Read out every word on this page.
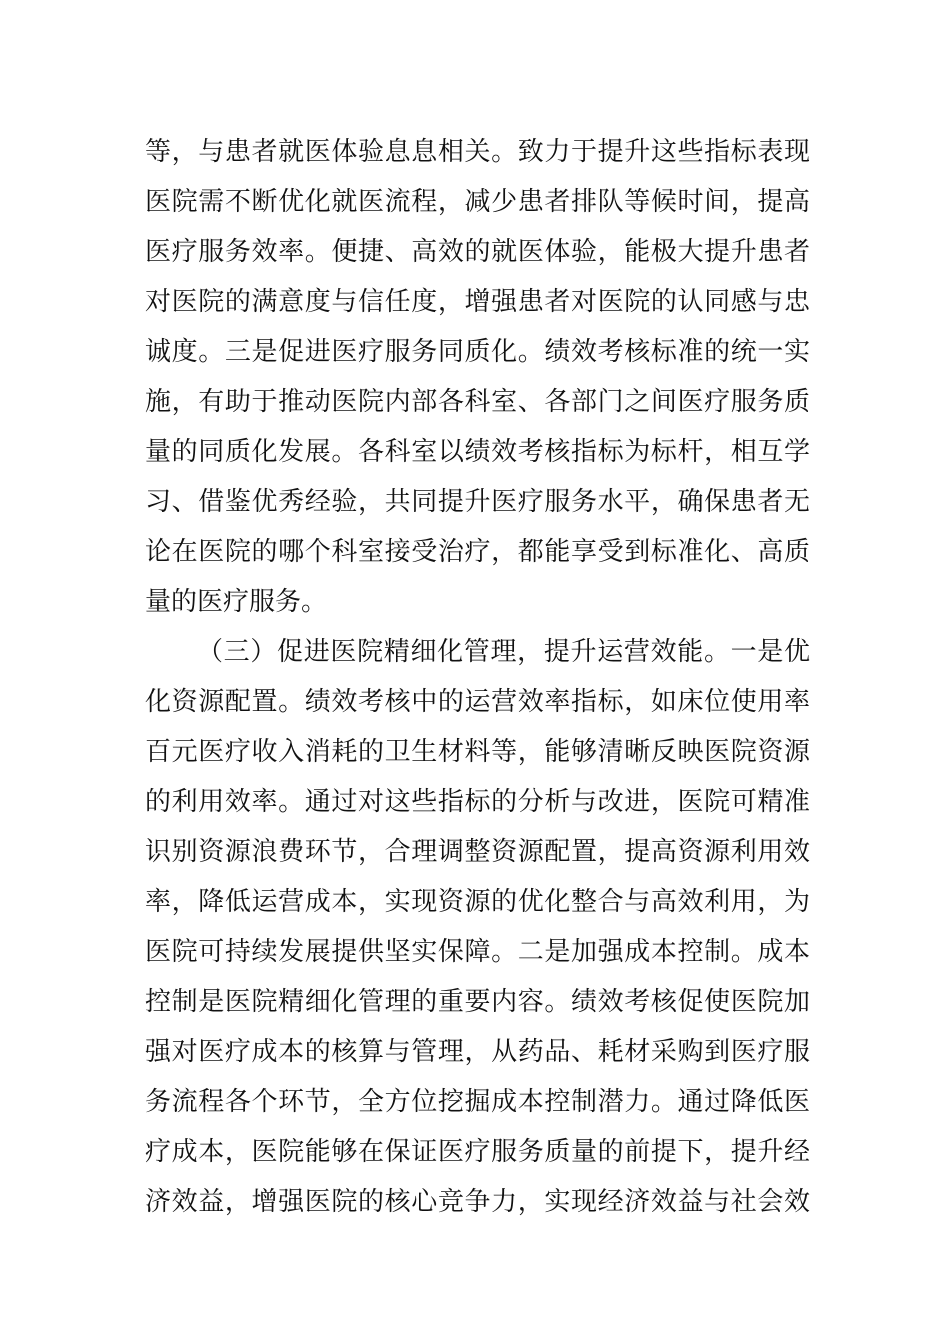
等，与患者就医体验息息相关。致力于提升这些指标表现
医院需不断优化就医流程，减少患者排队等候时间，提高
医疗服务效率。便捷、高效的就医体验，能极大提升患者
对医院的满意度与信任度，增强患者对医院的认同感与忠
诚度。三是促进医疗服务同质化。绩效考核标准的统一实
施，有助于推动医院内部各科室、各部门之间医疗服务质
量的同质化发展。各科室以绩效考核指标为标杆，相互学
习、借鉴优秀经验，共同提升医疗服务水平，确保患者无
论在医院的哪个科室接受治疗，都能享受到标准化、高质
量的医疗服务。
（三）促进医院精细化管理，提升运营效能。一是优
化资源配置。绩效考核中的运营效率指标，如床位使用率
百元医疗收入消耗的卫生材料等，能够清晰反映医院资源
的利用效率。通过对这些指标的分析与改进，医院可精准
识别资源浪费环节，合理调整资源配置，提高资源利用效
率，降低运营成本，实现资源的优化整合与高效利用，为
医院可持续发展提供坚实保障。二是加强成本控制。成本
控制是医院精细化管理的重要内容。绩效考核促使医院加
强对医疗成本的核算与管理，从药品、耗材采购到医疗服
务流程各个环节，全方位挖掘成本控制潜力。通过降低医
疗成本，医院能够在保证医疗服务质量的前提下，提升经
济效益，增强医院的核心竞争力，实现经济效益与社会效
